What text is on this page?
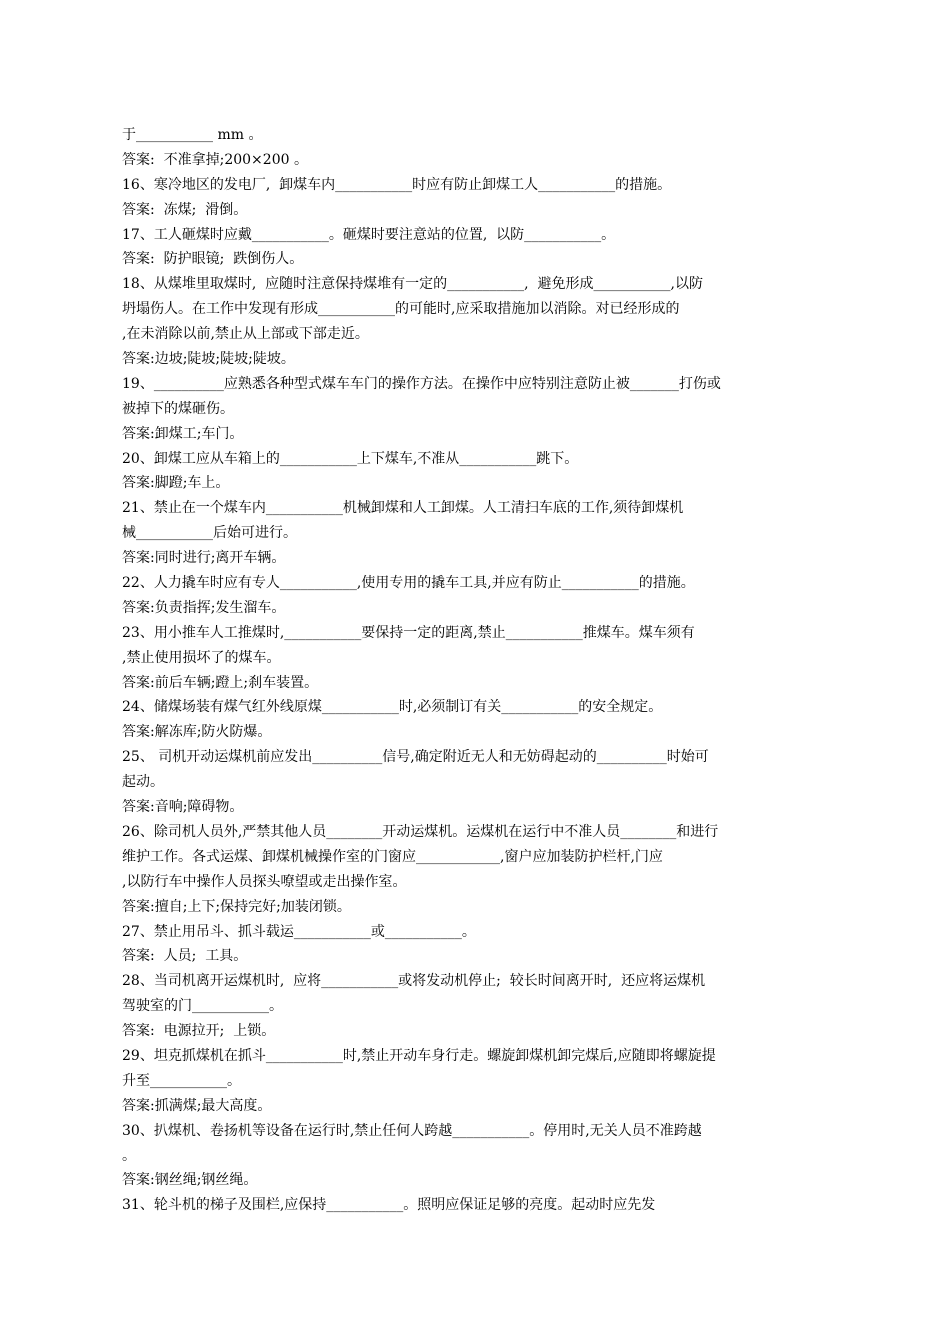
于___________ mm 。
答案:  不准拿掉;200×200 。
16、寒冷地区的发电厂,  卸煤车内___________时应有防止卸煤工人___________的措施。
答案:  冻煤;  滑倒。
17、工人砸煤时应戴___________。砸煤时要注意站的位置,  以防___________。
答案:  防护眼镜;  跌倒伤人。
18、从煤堆里取煤时,  应随时注意保持煤堆有一定的___________,  避免形成___________,以防
坍塌伤人。在工作中发现有形成___________的可能时,应采取措施加以消除。对已经形成的
,在未消除以前,禁止从上部或下部走近。
答案:边坡;陡坡;陡坡;陡坡。
19、__________应熟悉各种型式煤车车门的操作方法。在操作中应特别注意防止被_______打伤或
被掉下的煤砸伤。
答案:卸煤工;车门。
20、卸煤工应从车箱上的___________上下煤车,不准从___________跳下。
答案:脚蹬;车上。
21、禁止在一个煤车内___________机械卸煤和人工卸煤。人工清扫车底的工作,须待卸煤机
械___________后始可进行。
答案:同时进行;离开车辆。
22、人力撬车时应有专人___________,使用专用的撬车工具,并应有防止___________的措施。
答案:负责指挥;发生溜车。
23、用小推车人工推煤时,___________要保持一定的距离,禁止___________推煤车。煤车须有
,禁止使用损坏了的煤车。
答案:前后车辆;蹬上;刹车装置。
24、储煤场装有煤气红外线原煤___________时,必须制订有关___________的安全规定。
答案:解冻库;防火防爆。
25、 司机开动运煤机前应发出__________信号,确定附近无人和无妨碍起动的__________时始可
起动。
答案:音响;障碍物。
26、除司机人员外,严禁其他人员________开动运煤机。运煤机在运行中不准人员________和进行
维护工作。各式运煤、卸煤机械操作室的门窗应____________,窗户应加装防护栏杆,门应
,以防行车中操作人员探头嘹望或走出操作室。
答案:擅自;上下;保持完好;加装闭锁。
27、禁止用吊斗、抓斗载运___________或___________。
答案:  人员;  工具。
28、当司机离开运煤机时,  应将___________或将发动机停止;  较长时间离开时,  还应将运煤机
驾驶室的门___________。
答案:  电源拉开;  上锁。
29、坦克抓煤机在抓斗___________时,禁止开动车身行走。螺旋卸煤机卸完煤后,应随即将螺旋提
升至___________。
答案:抓满煤;最大高度。
30、扒煤机、卷扬机等设备在运行时,禁止任何人跨越___________。停用时,无关人员不准跨越
。
答案:钢丝绳;钢丝绳。
31、轮斗机的梯子及围栏,应保持___________。照明应保证足够的亮度。起动时应先发
